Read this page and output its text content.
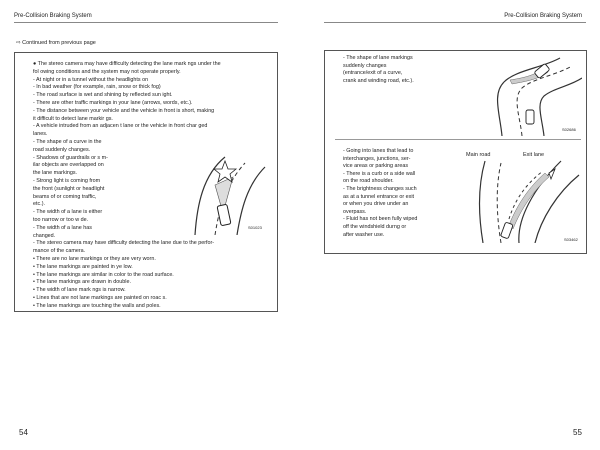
Pre-Collision Braking System	Pre-Collision Braking System
⇨ Continued from previous page
● The stereo camera may have difficulty detecting the lane mark ngs under the
fol owing conditions and the system may not operate properly.
- At night or in a tunnel without the headlights on
- In bad weather (for example, rain, snow or thick fog)
- The road surface is wet and shining by reflected sun ight.
- There are other traffic markings in your lane (arrows, words, etc.).
- The distance between your vehicle and the vehicle in front is short, making
it difficult to detect lane markir gs.
- A vehicle intruded from an adjacen t lane or the vehicle in front char ged
lanes.
- The shape of a curve in the
road suddenly changes.
- Shadows of guardrails or s m-
ilar objects are overlapped on
the lane markings.
- Strong light is coming from
the front (sunlight or headlight
beams of or coming traffic,
etc.).
- The width of a lane is either
too narrow or too w de.
- The width of a lane has
changed.
- The stereo camera may have difficulty detecting the lane due to the perfor-
mance of the camera.
• There are no lane markings or they are very worn.
• The lane markings are painted in ye low.
• The lane markings are similar in color to the road surface.
• The lane markings are drawn in double.
• The width of lane mark ngs is narrow.
• Lines that are not lane markings are painted on roac s.
• The lane markings are touching the walls and poles.
S01023
- The shape of lane markings
suddenly changes
(entrance/exit of a curve,
crank and winding road, etc.).
S02686
- Going into lanes that lead to
interchanges, junctions, ser-
vice areas or parking areas
- There is a curb or a side wall
on the road shoulder.
- The brightness changes such
as at a tunnel entrance or exit
or when you drive under an
overpass.
- Fluid has not been fully wiped
off the windshield durng or
after washer use.
Main road	Exit lane
S03462
54	55
